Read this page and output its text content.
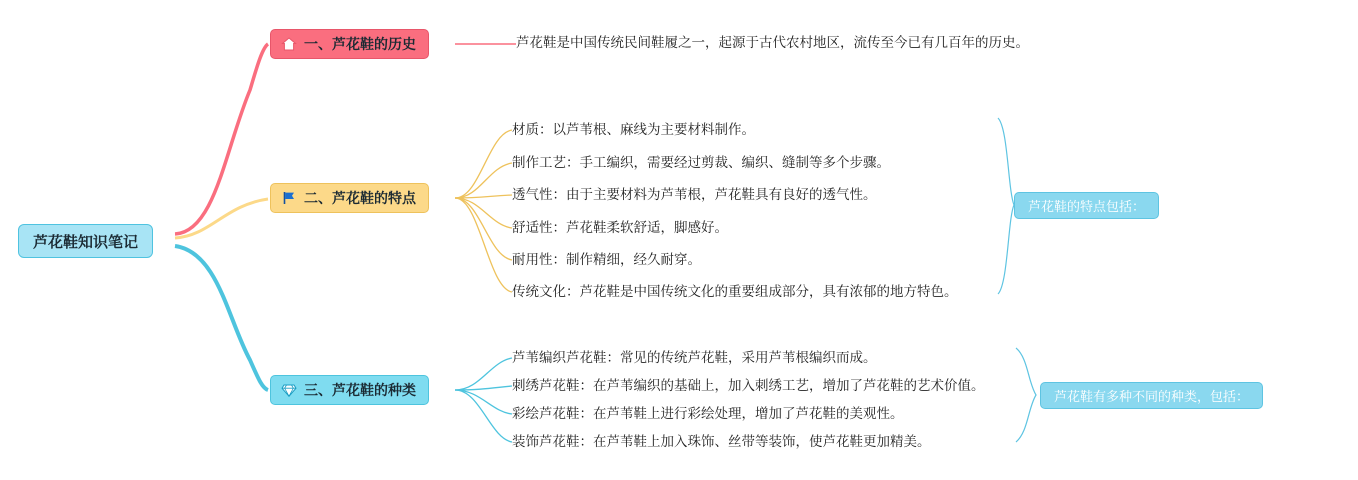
芦花鞋知识笔记
一、芦花鞋的历史	芦花鞋是中国传统民间鞋履之一，起源于古代农村地区，流传至今已有几百年的历史。
二、芦花鞋的特点
材质：以芦苇根、麻线为主要材料制作。
制作工艺：手工编织，需要经过剪裁、编织、缝制等多个步骤。
透气性：由于主要材料为芦苇根，芦花鞋具有良好的透气性。
舒适性：芦花鞋柔软舒适，脚感好。
耐用性：制作精细，经久耐穿。
传统文化：芦花鞋是中国传统文化的重要组成部分，具有浓郁的地方特色。
芦花鞋的特点包括：
三、芦花鞋的种类
芦苇编织芦花鞋：常见的传统芦花鞋，采用芦苇根编织而成。
刺绣芦花鞋：在芦苇编织的基础上，加入刺绣工艺，增加了芦花鞋的艺术价值。
彩绘芦花鞋：在芦苇鞋上进行彩绘处理，增加了芦花鞋的美观性。
装饰芦花鞋：在芦苇鞋上加入珠饰、丝带等装饰，使芦花鞋更加精美。
芦花鞋有多种不同的种类，包括：
